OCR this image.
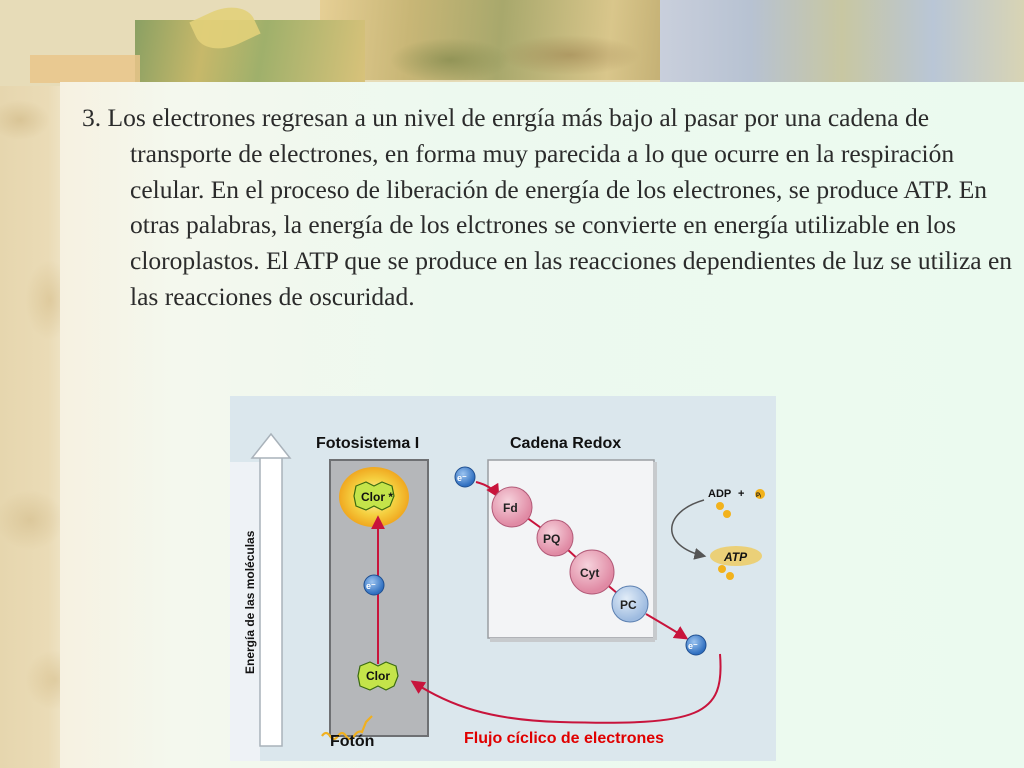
3. Los electrones regresan a un nivel de enrgía más bajo al pasar por una cadena de transporte de electrones, en forma muy parecida a lo que ocurre en la respiración celular. En el proceso de liberación de energía de los electrones, se produce ATP. En otras palabras, la energía de los elctrones se convierte en energía utilizable en los cloroplastos. El ATP que se produce en las reacciones dependientes de luz se utiliza en las reacciones de oscuridad.

Energía de las moléculas
Fotosistema I	Cadena Redox
Clor *
e⁻
Clor
Fotón
e⁻
Fd
PQ
Cyt
PC
e⁻
ADP + Pᵢ
ATP
Flujo cíclico de electrones
